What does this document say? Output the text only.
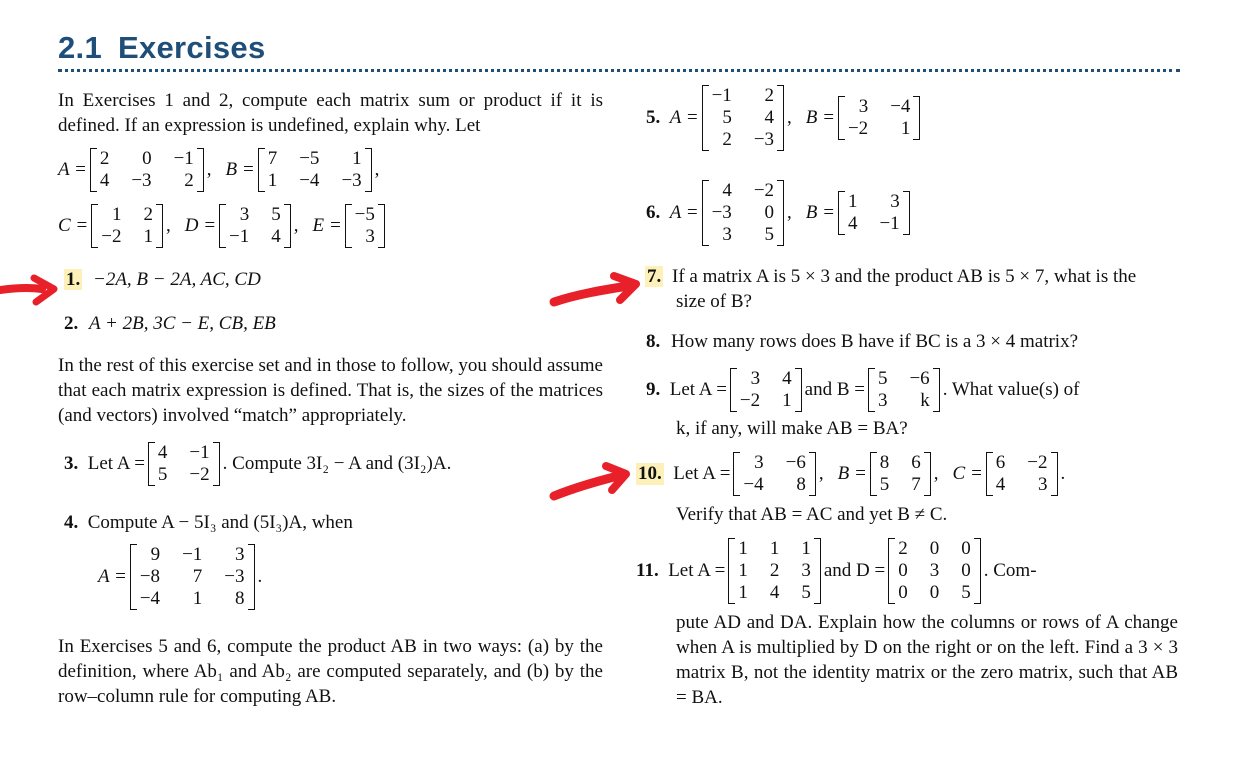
2.1 Exercises
In Exercises 1 and 2, compute each matrix sum or product if it is defined. If an expression is undefined, explain why. Let
A =
2	0 −1
4 −3	2
, B =
7 −5	1
1 −4 −3
,
C =
1 2
−2 1
, D =
3 5
−1 4
, E =
−5
3
1. −2A, B − 2A, AC, CD
2. A + 2B, 3C − E, CB, EB
In the rest of this exercise set and in those to follow, you should assume that each matrix expression is defined. That is, the sizes of the matrices (and vectors) involved “match” appropriately.
3.
Let A =
4 −1
5 −2
. Compute 3I₂ − A and (3I₂)A.
4. Compute A − 5I₃ and (5I₃)A, when
A =
9 −1	3
−8	7 −3
−4	1	8
.
In Exercises 5 and 6, compute the product AB in two ways: (a) by the definition, where Ab₁ and Ab₂ are computed separately, and (b) by the row–column rule for computing AB.
5.
A =
−1	2
5	4
2 −3
, B =
3 −4
−2	1
6.
A =
4 −2
−3	0
3	5
, B =
1	3
4 −1
7. If a matrix A is 5 × 3 and the product AB is 5 × 7, what is the
size of B?
8. How many rows does B have if BC is a 3 × 4 matrix?
9.
Let A =
3 4
−2 1
and B =
5 −6
3	k
. What value(s) of
k, if any, will make AB = BA?
10.
Let A =
3 −6
−4	8
, B =
8 6
5 7
, C =
6 −2
4	3
.
Verify that AB = AC and yet B ≠ C.
11.
Let A =
1 1 1
1 2 3
1 4 5
and D =
2 0 0
0 3 0
0 0 5
. Com-
pute AD and DA. Explain how the columns or rows of A change when A is multiplied by D on the right or on the left. Find a 3 × 3 matrix B, not the identity matrix or the zero matrix, such that AB = BA.
